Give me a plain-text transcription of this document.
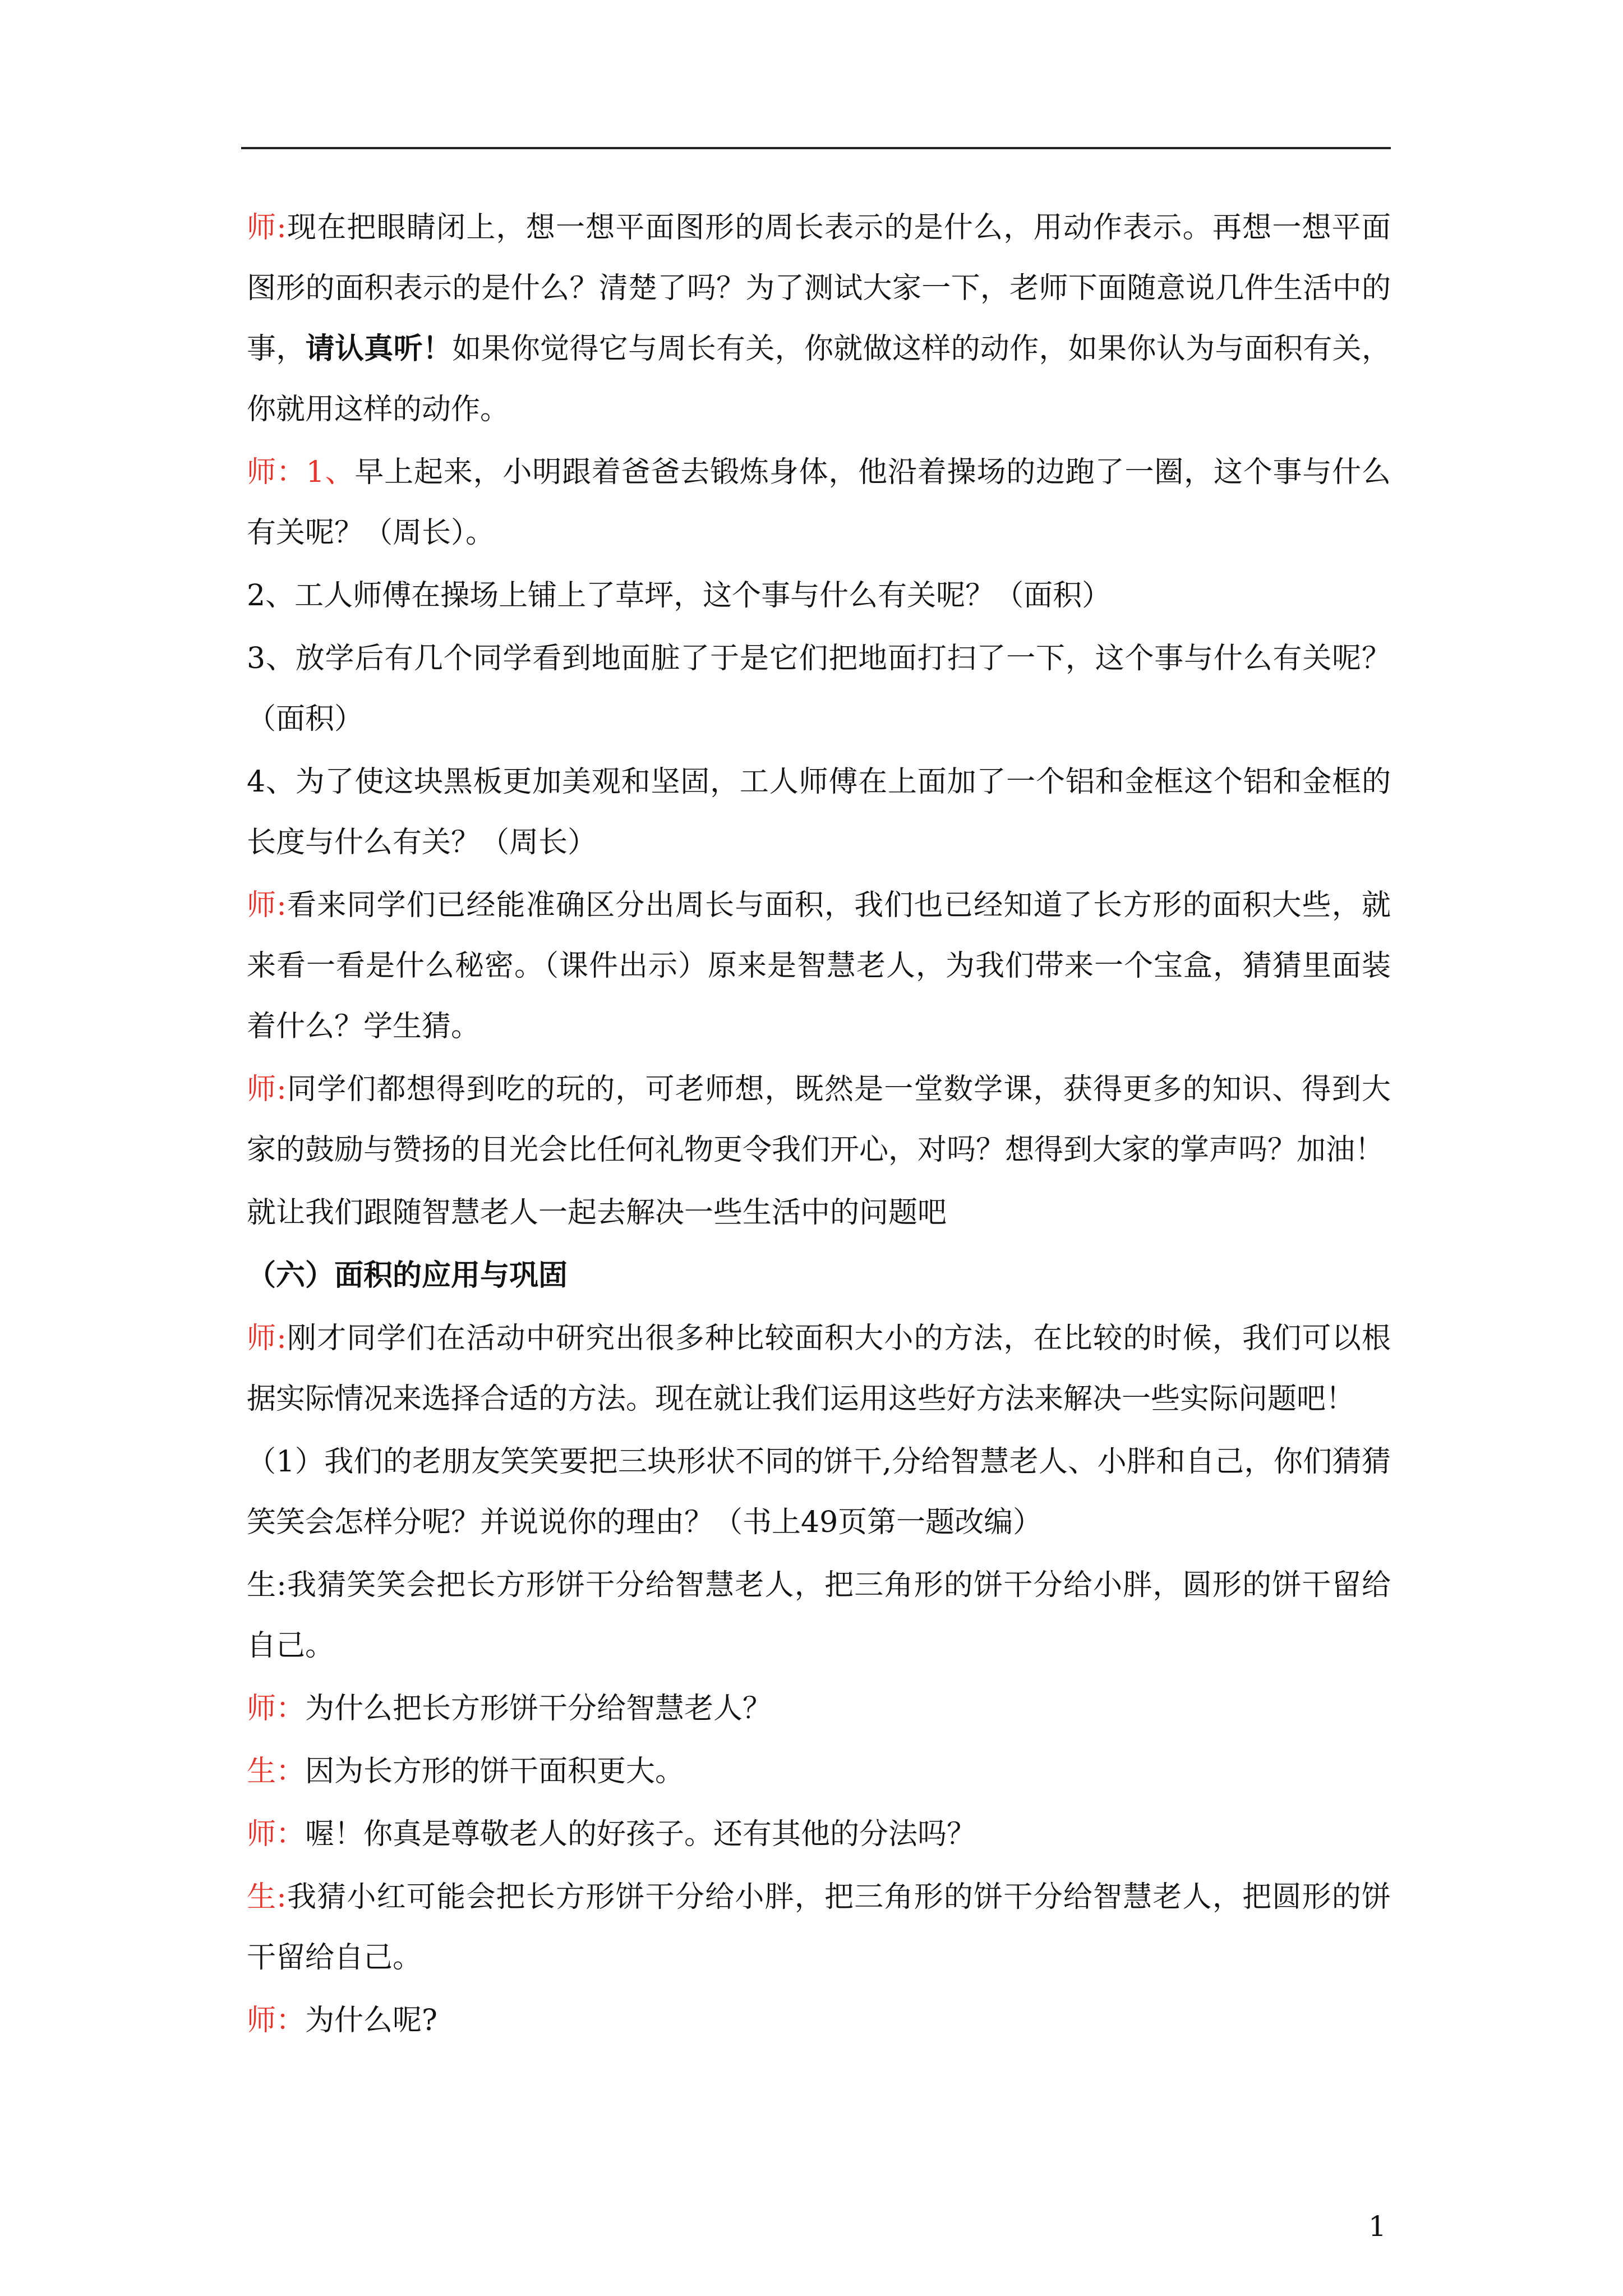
师:现在把眼睛闭上，想一想平面图形的周长表示的是什么，用动作表示。再想一想平面图形的面积表示的是什么？清楚了吗？为了测试大家一下，老师下面随意说几件生活中的事，请认真听！如果你觉得它与周长有关，你就做这样的动作，如果你认为与面积有关，你就用这样的动作。

师：1、早上起来，小明跟着爸爸去锻炼身体，他沿着操场的边跑了一圈，这个事与什么有关呢？（周长）。

2、工人师傅在操场上铺上了草坪，这个事与什么有关呢？（面积）

3、放学后有几个同学看到地面脏了于是它们把地面打扫了一下，这个事与什么有关呢？（面积）

4、为了使这块黑板更加美观和坚固，工人师傅在上面加了一个铝和金框这个铝和金框的长度与什么有关？（周长）

师:看来同学们已经能准确区分出周长与面积，我们也已经知道了长方形的面积大些，就来看一看是什么秘密。（课件出示）原来是智慧老人，为我们带来一个宝盒，猜猜里面装着什么？学生猜。

师:同学们都想得到吃的玩的，可老师想，既然是一堂数学课，获得更多的知识、得到大家的鼓励与赞扬的目光会比任何礼物更令我们开心，对吗？想得到大家的掌声吗？加油！

就让我们跟随智慧老人一起去解决一些生活中的问题吧

（六）面积的应用与巩固

师:刚才同学们在活动中研究出很多种比较面积大小的方法，在比较的时候，我们可以根据实际情况来选择合适的方法。现在就让我们运用这些好方法来解决一些实际问题吧！

（1）我们的老朋友笑笑要把三块形状不同的饼干,分给智慧老人、小胖和自己，你们猜猜笑笑会怎样分呢？并说说你的理由？（书上49页第一题改编）

生:我猜笑笑会把长方形饼干分给智慧老人，把三角形的饼干分给小胖，圆形的饼干留给自己。

师：为什么把长方形饼干分给智慧老人？

生：因为长方形的饼干面积更大。

师：喔！你真是尊敬老人的好孩子。还有其他的分法吗？

生:我猜小红可能会把长方形饼干分给小胖，把三角形的饼干分给智慧老人，把圆形的饼干留给自己。

师：为什么呢?

1
